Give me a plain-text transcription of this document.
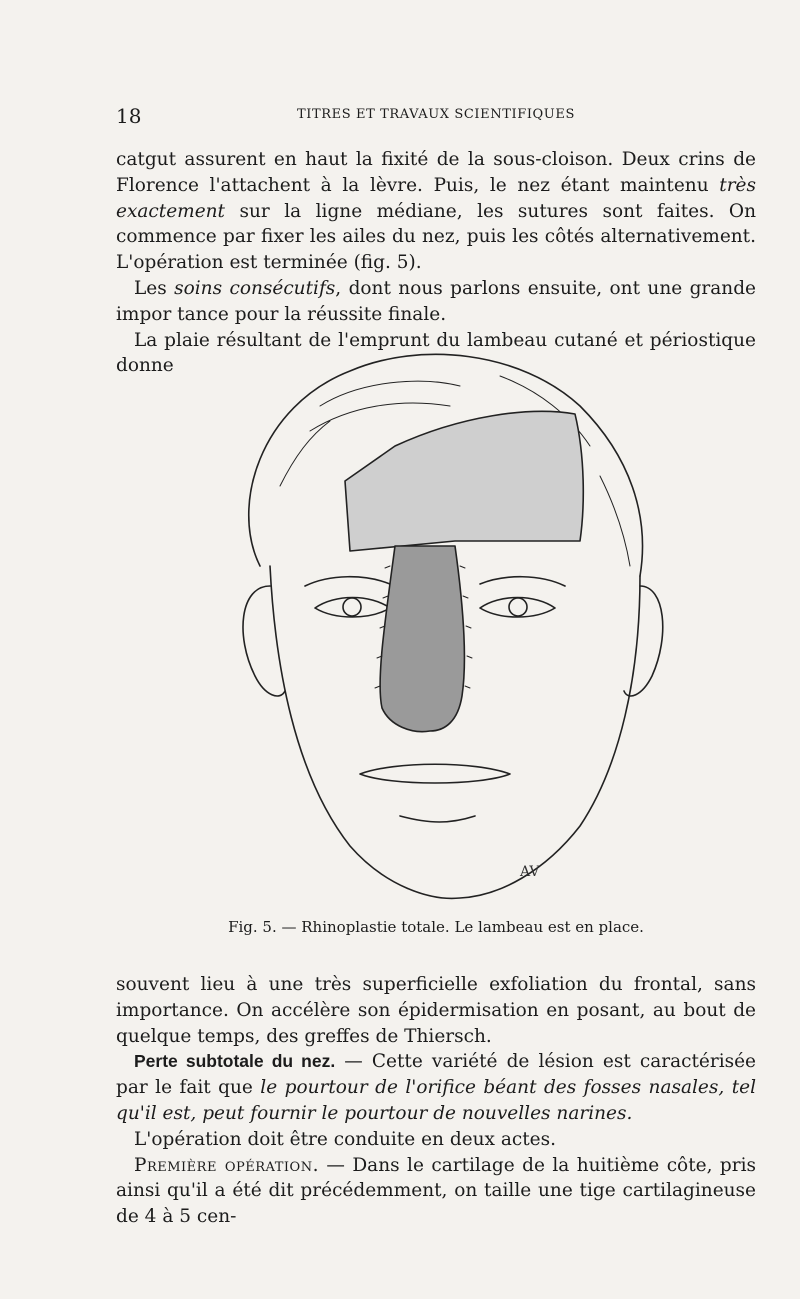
18	TITRES ET TRAVAUX SCIENTIFIQUES

catgut assurent en haut la fixité de la sous-cloison. Deux crins de Florence l'attachent à la lèvre. Puis, le nez étant maintenu très exactement sur la ligne médiane, les sutures sont faites. On commence par fixer les ailes du nez, puis les côtés alternativement. L'opération est terminée (fig. 5).

Les soins consécutifs, dont nous parlons ensuite, ont une grande impor tance pour la réussite finale.

La plaie résultant de l'emprunt du lambeau cutané et périostique donne

AV
Fig. 5. — Rhinoplastie totale. Le lambeau est en place.

souvent lieu à une très superficielle exfoliation du frontal, sans importance. On accélère son épidermisation en posant, au bout de quelque temps, des greffes de Thiersch.

Perte subtotale du nez. — Cette variété de lésion est caractérisée par le fait que le pourtour de l'orifice béant des fosses nasales, tel qu'il est, peut fournir le pourtour de nouvelles narines.

L'opération doit être conduite en deux actes.

Première opération. — Dans le cartilage de la huitième côte, pris ainsi qu'il a été dit précédemment, on taille une tige cartilagineuse de 4 à 5 cen-
